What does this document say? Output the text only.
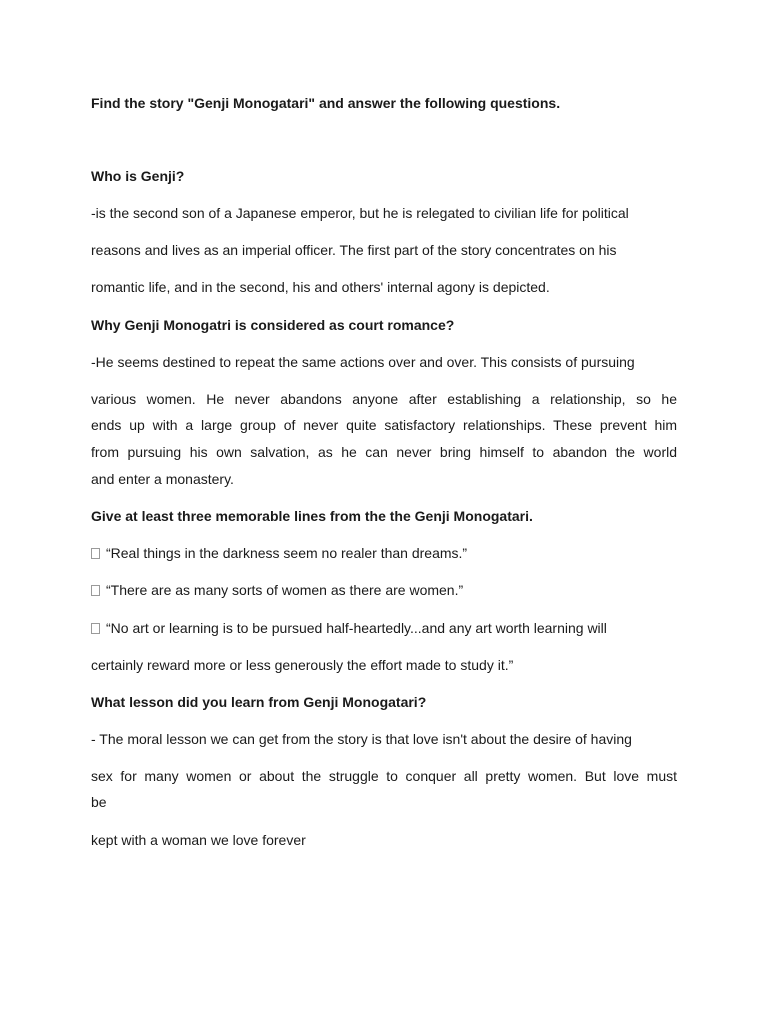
Find the story "Genji Monogatari" and answer the following questions.
Who is Genji?
-is the second son of a Japanese emperor, but he is relegated to civilian life for political
reasons and lives as an imperial officer. The first part of the story concentrates on his
romantic life, and in the second, his and others' internal agony is depicted.
Why Genji Monogatri is considered as court romance?
-He seems destined to repeat the same actions over and over. This consists of pursuing
various women. He never abandons anyone after establishing a relationship, so he
ends up with a large group of never quite satisfactory relationships. These prevent him
from pursuing his own salvation, as he can never bring himself to abandon the world
and enter a monastery.
Give at least three memorable lines from the the Genji Monogatari.
“Real things in the darkness seem no realer than dreams.”
“There are as many sorts of women as there are women.”
“No art or learning is to be pursued half-heartedly...and any art worth learning will
certainly reward more or less generously the effort made to study it.”
What lesson did you learn from Genji Monogatari?
- The moral lesson we can get from the story is that love isn't about the desire of having
sex for many women or about the struggle to conquer all pretty women. But love must
be
kept with a woman we love forever
